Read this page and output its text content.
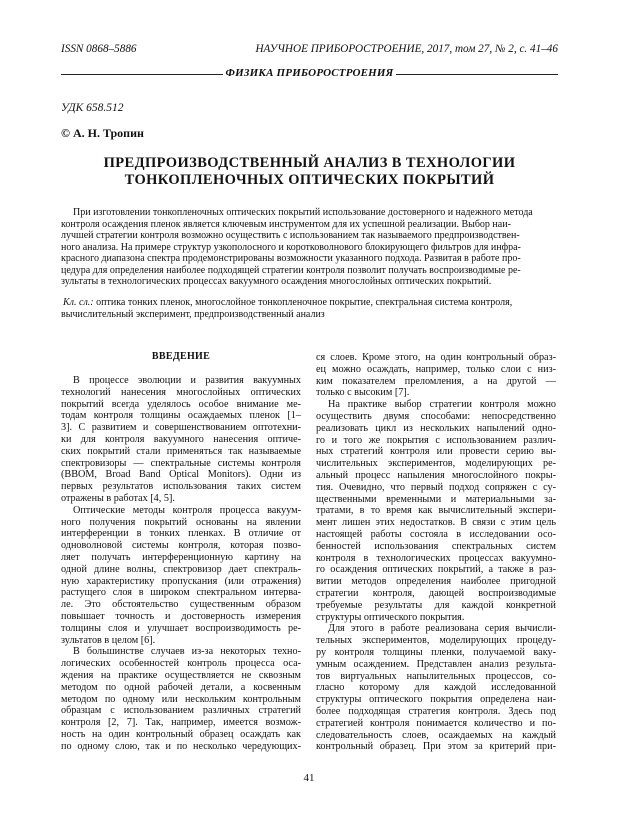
ISSN 0868–5886	НАУЧНОЕ ПРИБОРОСТРОЕНИЕ, 2017, том 27, № 2, с. 41–46
ФИЗИКА ПРИБОРОСТРОЕНИЯ
УДК 658.512
© А. Н. Тропин
ПРЕДПРОИЗВОДСТВЕННЫЙ АНАЛИЗ В ТЕХНОЛОГИИ
ТОНКОПЛЕНОЧНЫХ ОПТИЧЕСКИХ ПОКРЫТИЙ
При изготовлении тонкопленочных оптических покрытий использование достоверного и надежного метода
контроля осаждения пленок является ключевым инструментом для их успешной реализации. Выбор наи-
лучшей стратегии контроля возможно осуществить с использованием так называемого предпроизводствен-
ного анализа. На примере структур узкополосного и коротковолнового блокирующего фильтров для инфра-
красного диапазона спектра продемонстрированы возможности указанного подхода. Развитая в работе про-
цедура для определения наиболее подходящей стратегии контроля позволит получать воспроизводимые ре-
зультаты в технологических процессах вакуумного осаждения многослойных оптических покрытий.
Кл. сл.: оптика тонких пленок, многослойное тонкопленочное покрытие, спектральная система контроля,
вычислительный эксперимент, предпроизводственный анализ
ВВЕДЕНИЕ
В процессе эволюции и развития вакуумных
технологий нанесения многослойных оптических
покрытий всегда уделялось особое внимание ме-
тодам контроля толщины осаждаемых пленок [1–
3]. С развитием и совершенствованием оптотехни-
ки для контроля вакуумного нанесения оптиче-
ских покрытий стали применяться так называемые
спектровизоры — спектральные системы контроля
(BBOM, Broad Band Optical Monitors). Одни из
первых результатов использования таких систем
отражены в работах [4, 5].
Оптические методы контроля процесса вакуум-
ного получения покрытий основаны на явлении
интерференции в тонких пленках. В отличие от
одноволновой системы контроля, которая позво-
ляет получать интерференционную картину на
одной длине волны, спектровизор дает спектраль-
ную характеристику пропускания (или отражения)
растущего слоя в широком спектральном интерва-
ле. Это обстоятельство существенным образом
повышает точность и достоверность измерения
толщины слоя и улучшает воспроизводимость ре-
зультатов в целом [6].
В большинстве случаев из-за некоторых техно-
логических особенностей контроль процесса оса-
ждения на практике осуществляется не сквозным
методом по одной рабочей детали, а косвенным
методом по одному или нескольким контрольным
образцам с использованием различных стратегий
контроля [2, 7]. Так, например, имеется возмож-
ность на один контрольный образец осаждать как
по одному слою, так и по несколько чередующих-
ся слоев. Кроме этого, на один контрольный образ-
ец можно осаждать, например, только слои с низ-
ким показателем преломления, а на другой —
только с высоким [7].
На практике выбор стратегии контроля можно
осуществить двумя способами: непосредственно
реализовать цикл из нескольких напылений одно-
го и того же покрытия с использованием различ-
ных стратегий контроля или провести серию вы-
числительных экспериментов, моделирующих ре-
альный процесс напыления многослойного покры-
тия. Очевидно, что первый подход сопряжен с су-
щественными временны́ми и материальными за-
тратами, в то время как вычислительный экспери-
мент лишен этих недостатков. В связи с этим цель
настоящей работы состояла в исследовании осо-
бенностей использования спектральных систем
контроля в технологических процессах вакуумно-
го осаждения оптических покрытий, а также в раз-
витии методов определения наиболее пригодной
стратегии контроля, дающей воспроизводимые
требуемые результаты для каждой конкретной
структуры оптического покрытия.
Для этого в работе реализована серия вычисли-
тельных экспериментов, моделирующих процеду-
ру контроля толщины пленки, получаемой ваку-
умным осаждением. Представлен анализ результа-
тов виртуальных напылительных процессов, со-
гласно которому для каждой исследованной
структуры оптического покрытия определена наи-
более подходящая стратегия контроля. Здесь под
стратегией контроля понимается количество и по-
следовательность слоев, осаждаемых на каждый
контрольный образец. При этом за критерий при-
41
